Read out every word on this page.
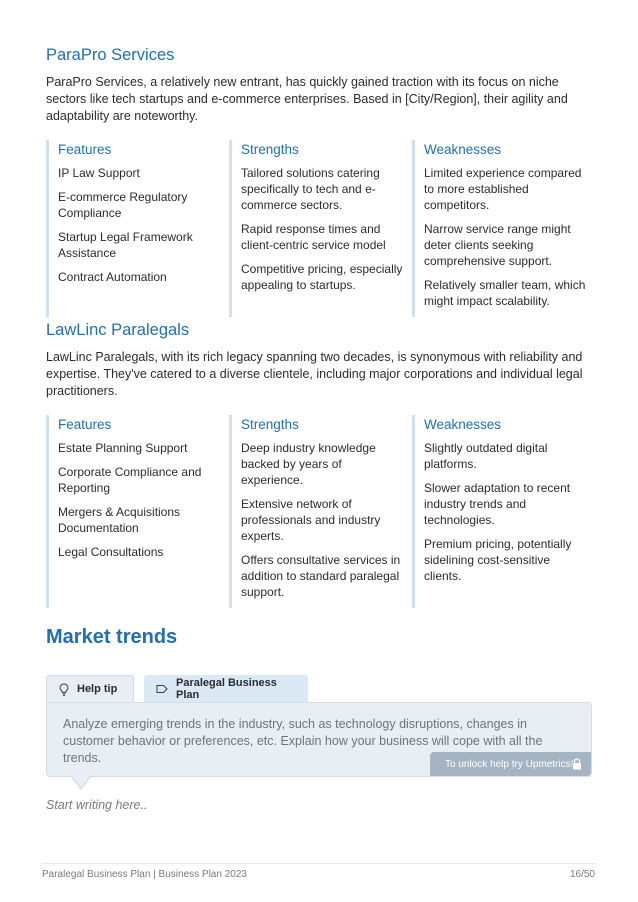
ParaPro Services

ParaPro Services, a relatively new entrant, has quickly gained traction with its focus on niche sectors like tech startups and e-commerce enterprises. Based in [City/Region], their agility and adaptability are noteworthy.

Features
IP Law Support
E-commerce Regulatory Compliance
Startup Legal Framework Assistance
Contract Automation
Strengths
Tailored solutions catering specifically to tech and e-commerce sectors.
Rapid response times and client-centric service model
Competitive pricing, especially appealing to startups.
Weaknesses
Limited experience compared to more established competitors.
Narrow service range might deter clients seeking comprehensive support.
Relatively smaller team, which might impact scalability.
LawLinc Paralegals

LawLinc Paralegals, with its rich legacy spanning two decades, is synonymous with reliability and expertise. They've catered to a diverse clientele, including major corporations and individual legal practitioners.

Features
Estate Planning Support
Corporate Compliance and Reporting
Mergers & Acquisitions Documentation
Legal Consultations
Strengths
Deep industry knowledge backed by years of experience.
Extensive network of professionals and industry experts.
Offers consultative services in addition to standard paralegal support.
Weaknesses
Slightly outdated digital platforms.
Slower adaptation to recent industry trends and technologies.
Premium pricing, potentially sidelining cost-sensitive clients.
Market trends
Help tip
Paralegal Business Plan

Analyze emerging trends in the industry, such as technology disruptions, changes in customer behavior or preferences, etc. Explain how your business will cope with all the trends.	To unlock help try Upmetrics!
Start writing here..
Paralegal Business Plan | Business Plan 2023	16/50
